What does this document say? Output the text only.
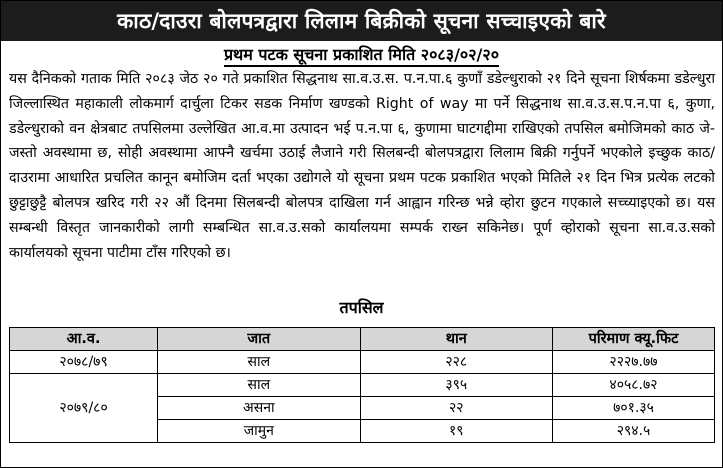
काठ/दाउरा बोलपत्रद्वारा लिलाम बिक्रीको सूचना सच्चाइएको बारे
प्रथम पटक सूचना प्रकाशित मिति २०८३/०२/२०

यस दैनिकको गताक मिति २०८३ जेठ २० गते प्रकाशित सिद्धनाथ सा.व.उ.स. प.न.पा.६ कुणाँ डडेल्धुराको २१ दिने सूचना शिर्षकमा डडेल्धुरा जिल्लास्थित महाकाली लोकमार्ग दार्चुला टिकर सडक निर्माण खण्डको Right of way मा पर्ने सिद्धनाथ सा.व.उ.स.प.न.पा ६, कुणा, डडेल्धुराको वन क्षेत्रबाट तपसिलमा उल्लेखित आ.व.मा उत्पादन भई प.न.पा ६, कुणामा घाटगद्दीमा राखिएको तपसिल बमोजिमको काठ जे-जस्तो अवस्थामा छ, सोही अवस्थामा आफ्नै खर्चमा उठाई लैजाने गरी सिलबन्दी बोलपत्रद्वारा लिलाम बिक्री गर्नुपर्ने भएकोले इच्छुक काठ/दाउरामा आधारित प्रचलित कानून बमोजिम दर्ता भएका उद्योगले यो सूचना प्रथम पटक प्रकाशित भएको मितिले २१ दिन भित्र प्रत्येक लटको छुट्टाछुट्टै बोलपत्र खरिद गरी २२ औं दिनमा सिलबन्दी बोलपत्र दाखिला गर्न आह्वान गरिन्छ भन्ने व्होरा छुटन गएकाले सच्च्याइएको छ। यस सम्बन्धी विस्तृत जानकारीको लागी सम्बन्धित सा.व.उ.सको कार्यालयमा सम्पर्क राख्न सकिनेछ। पूर्ण व्होराको सूचना सा.व.उ.सको कार्यालयको सूचना पाटीमा टाँस गरिएको छ।

तपसिल
आ.व.	जात	थान	परिमाण क्यू.फिट
२०७८/७९	साल	२२८	२२२७.७७
२०७९/८०	साल	३९५	४०५८.७२
	असना	२२	७०१.३५
	जामुन	१९	२९४.५
